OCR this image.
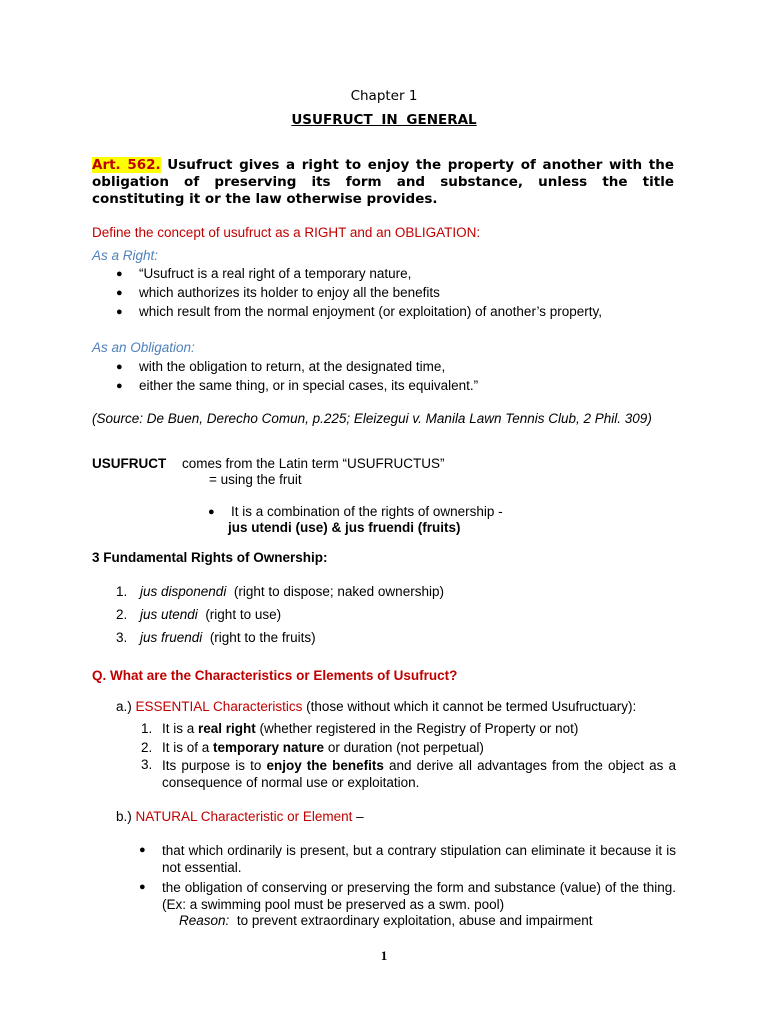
Chapter 1
USUFRUCT IN GENERAL
Art. 562. Usufruct gives a right to enjoy the property of another with the obligation of preserving its form and substance, unless the title constituting it or the law otherwise provides.
Define the concept of usufruct as a RIGHT and an OBLIGATION:
As a Right:
● “Usufruct is a real right of a temporary nature,
● which authorizes its holder to enjoy all the benefits
● which result from the normal enjoyment (or exploitation) of another’s property,
As an Obligation:
● with the obligation to return, at the designated time,
● either the same thing, or in special cases, its equivalent.”
(Source: De Buen, Derecho Comun, p.225; Eleizegui v. Manila Lawn Tennis Club, 2 Phil. 309)
USUFRUCT comes from the Latin term “USUFRUCTUS”
= using the fruit
● It is a combination of the rights of ownership -
jus utendi (use) & jus fruendi (fruits)
3 Fundamental Rights of Ownership:
1. jus disponendi (right to dispose; naked ownership)
2. jus utendi (right to use)
3. jus fruendi (right to the fruits)
Q. What are the Characteristics or Elements of Usufruct?
a.) ESSENTIAL Characteristics (those without which it cannot be termed Usufructuary):
1. It is a real right (whether registered in the Registry of Property or not)
2. It is of a temporary nature or duration (not perpetual)
3. Its purpose is to enjoy the benefits and derive all advantages from the object as a consequence of normal use or exploitation.
b.) NATURAL Characteristic or Element –
● that which ordinarily is present, but a contrary stipulation can eliminate it because it is not essential.
● the obligation of conserving or preserving the form and substance (value) of the thing. (Ex: a swimming pool must be preserved as a swm. pool)
Reason: to prevent extraordinary exploitation, abuse and impairment
1
